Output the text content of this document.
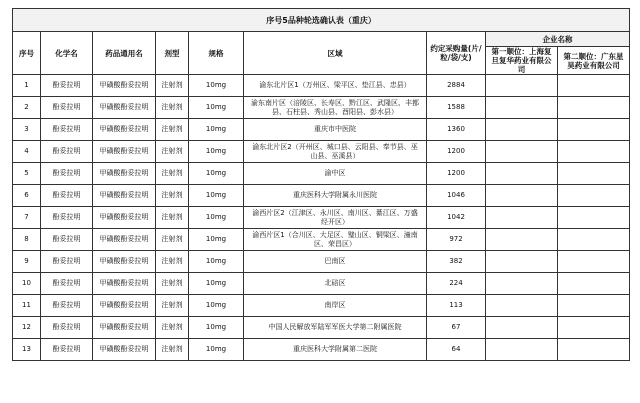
序号5品种轮选确认表（重庆）								
序号	化学名	药品通用名	剂型	规格	区域	约定采购量(片/粒/袋/支)	企业名称	
							第一顺位：上海复旦复华药业有限公司	第二顺位：广东星昊药业有限公司
1	酚妥拉明	甲磺酸酚妥拉明	注射剂	10mg	渝东北片区1（万州区、梁平区、垫江县、忠县）	2884		
2	酚妥拉明	甲磺酸酚妥拉明	注射剂	10mg	渝东南片区（涪陵区、长寿区、黔江区、武隆区、丰都县、石柱县、秀山县、酉阳县、彭水县）	1588		
3	酚妥拉明	甲磺酸酚妥拉明	注射剂	10mg	重庆市中医院	1360		
4	酚妥拉明	甲磺酸酚妥拉明	注射剂	10mg	渝东北片区2（开州区、城口县、云阳县、奉节县、巫山县、巫溪县）	1200		
5	酚妥拉明	甲磺酸酚妥拉明	注射剂	10mg	渝中区	1200		
6	酚妥拉明	甲磺酸酚妥拉明	注射剂	10mg	重庆医科大学附属永川医院	1046		
7	酚妥拉明	甲磺酸酚妥拉明	注射剂	10mg	渝西片区2（江津区、永川区、南川区、綦江区、万盛经开区）	1042		
8	酚妥拉明	甲磺酸酚妥拉明	注射剂	10mg	渝西片区1（合川区、大足区、璧山区、铜梁区、潼南区、荣昌区）	972		
9	酚妥拉明	甲磺酸酚妥拉明	注射剂	10mg	巴南区	382		
10	酚妥拉明	甲磺酸酚妥拉明	注射剂	10mg	北碚区	224		
11	酚妥拉明	甲磺酸酚妥拉明	注射剂	10mg	南岸区	113		
12	酚妥拉明	甲磺酸酚妥拉明	注射剂	10mg	中国人民解放军陆军军医大学第二附属医院	67		
13	酚妥拉明	甲磺酸酚妥拉明	注射剂	10mg	重庆医科大学附属第二医院	64		
